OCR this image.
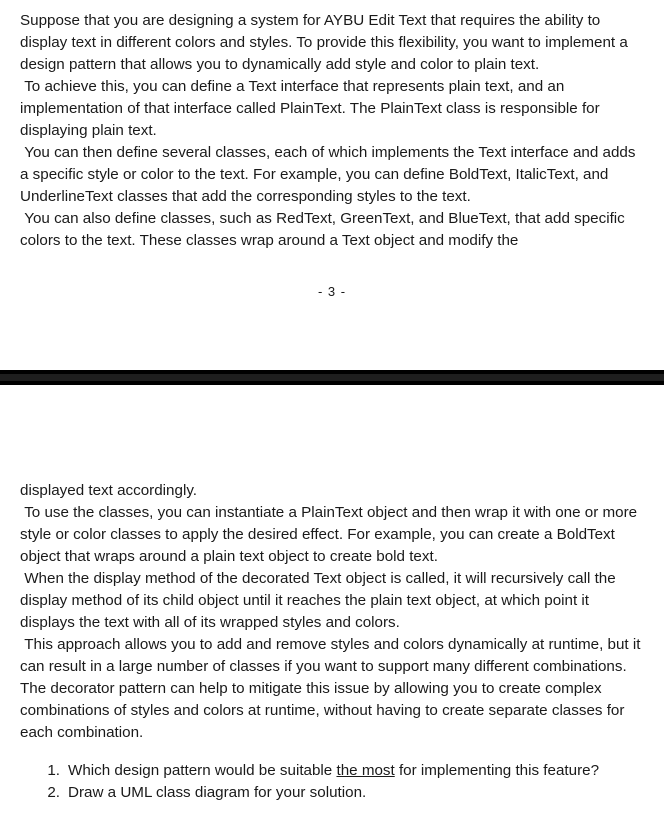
Suppose that you are designing a system for AYBU Edit Text that requires the ability to display text in different colors and styles. To provide this flexibility, you want to implement a design pattern that allows you to dynamically add style and color to plain text.

To achieve this, you can define a Text interface that represents plain text, and an implementation of that interface called PlainText. The PlainText class is responsible for displaying plain text.

You can then define several classes, each of which implements the Text interface and adds a specific style or color to the text. For example, you can define BoldText, ItalicText, and UnderlineText classes that add the corresponding styles to the text.

You can also define classes, such as RedText, GreenText, and BlueText, that add specific colors to the text. These classes wrap around a Text object and modify the

- 3 -

displayed text accordingly.

To use the classes, you can instantiate a PlainText object and then wrap it with one or more style or color classes to apply the desired effect. For example, you can create a BoldText object that wraps around a plain text object to create bold text.

When the display method of the decorated Text object is called, it will recursively call the display method of its child object until it reaches the plain text object, at which point it displays the text with all of its wrapped styles and colors.

This approach allows you to add and remove styles and colors dynamically at runtime, but it can result in a large number of classes if you want to support many different combinations. The decorator pattern can help to mitigate this issue by allowing you to create complex combinations of styles and colors at runtime, without having to create separate classes for each combination.

1. Which design pattern would be suitable the most for implementing this feature?
2. Draw a UML class diagram for your solution.
